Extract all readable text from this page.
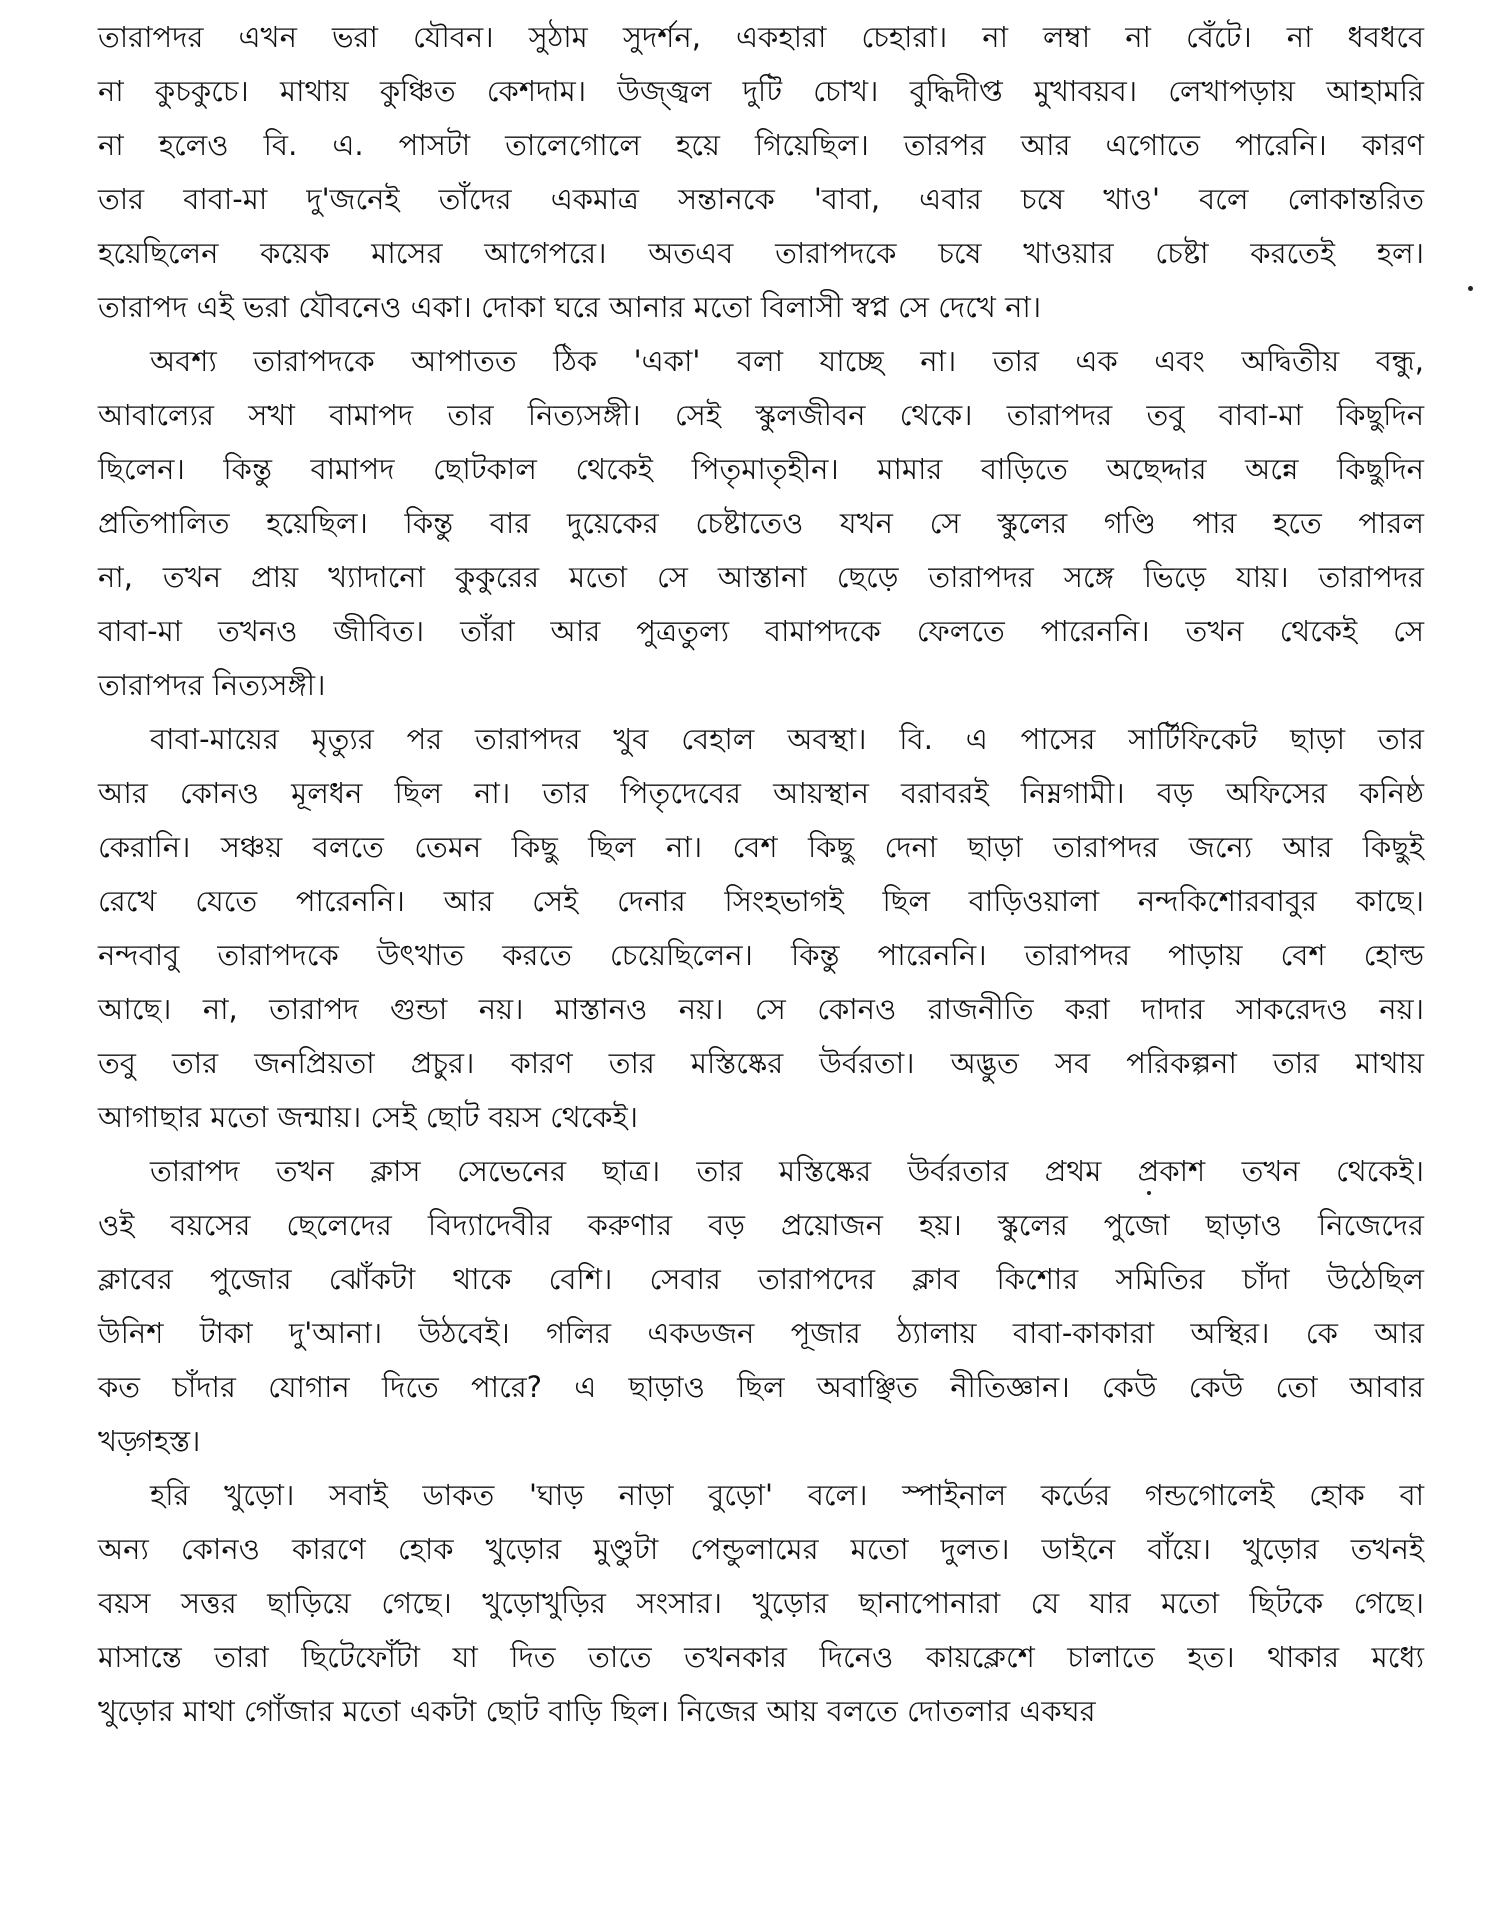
তারাপদর এখন ভরা যৌবন। সুঠাম সুদর্শন, একহারা চেহারা। না লম্বা না বেঁটে। না ধবধবে
না কুচকুচে। মাথায় কুঞ্চিত কেশদাম। উজ্জ্বল দুটি চোখ। বুদ্ধিদীপ্ত মুখাবয়ব। লেখাপড়ায় আহামরি
না হলেও বি. এ. পাসটা তালেগোলে হয়ে গিয়েছিল। তারপর আর এগোতে পারেনি। কারণ
তার বাবা-মা দু'জনেই তাঁদের একমাত্র সন্তানকে 'বাবা, এবার চষে খাও' বলে লোকান্তরিত
হয়েছিলেন কয়েক মাসের আগেপরে। অতএব তারাপদকে চষে খাওয়ার চেষ্টা করতেই হল।
তারাপদ এই ভরা যৌবনেও একা। দোকা ঘরে আনার মতো বিলাসী স্বপ্ন সে দেখে না।
অবশ্য তারাপদকে আপাতত ঠিক 'একা' বলা যাচ্ছে না। তার এক এবং অদ্বিতীয় বন্ধু,
আবাল্যের সখা বামাপদ তার নিত্যসঙ্গী। সেই স্কুলজীবন থেকে। তারাপদর তবু বাবা-মা কিছুদিন
ছিলেন। কিন্তু বামাপদ ছোটকাল থেকেই পিতৃমাতৃহীন। মামার বাড়িতে অছেদ্দার অন্নে কিছুদিন
প্রতিপালিত হয়েছিল। কিন্তু বার দুয়েকের চেষ্টাতেও যখন সে স্কুলের গণ্ডি পার হতে পারল
না, তখন প্রায় খ্যাদানো কুকুরের মতো সে আস্তানা ছেড়ে তারাপদর সঙ্গে ভিড়ে যায়। তারাপদর
বাবা-মা তখনও জীবিত। তাঁরা আর পুত্রতুল্য বামাপদকে ফেলতে পারেননি। তখন থেকেই সে
তারাপদর নিত্যসঙ্গী।
বাবা-মায়ের মৃত্যুর পর তারাপদর খুব বেহাল অবস্থা। বি. এ পাসের সার্টিফিকেট ছাড়া তার
আর কোনও মূলধন ছিল না। তার পিতৃদেবের আয়স্থান বরাবরই নিম্নগামী। বড় অফিসের কনিষ্ঠ
কেরানি। সঞ্চয় বলতে তেমন কিছু ছিল না। বেশ কিছু দেনা ছাড়া তারাপদর জন্যে আর কিছুই
রেখে যেতে পারেননি। আর সেই দেনার সিংহভাগই ছিল বাড়িওয়ালা নন্দকিশোরবাবুর কাছে।
নন্দবাবু তারাপদকে উৎখাত করতে চেয়েছিলেন। কিন্তু পারেননি। তারাপদর পাড়ায় বেশ হোল্ড
আছে। না, তারাপদ গুন্ডা নয়। মাস্তানও নয়। সে কোনও রাজনীতি করা দাদার সাকরেদও নয়।
তবু তার জনপ্রিয়তা প্রচুর। কারণ তার মস্তিষ্কের উর্বরতা। অদ্ভুত সব পরিকল্পনা তার মাথায়
আগাছার মতো জন্মায়। সেই ছোট বয়স থেকেই।
তারাপদ তখন ক্লাস সেভেনের ছাত্র। তার মস্তিষ্কের উর্বরতার প্রথম প্রকাশ তখন থেকেই।
ওই বয়সের ছেলেদের বিদ্যাদেবীর করুণার বড় প্রয়োজন হয়। স্কুলের পুজো ছাড়াও নিজেদের
ক্লাবের পুজোর ঝোঁকটা থাকে বেশি। সেবার তারাপদের ক্লাব কিশোর সমিতির চাঁদা উঠেছিল
উনিশ টাকা দু'আনা। উঠবেই। গলির একডজন পূজার ঠ্যালায় বাবা-কাকারা অস্থির। কে আর
কত চাঁদার যোগান দিতে পারে? এ ছাড়াও ছিল অবাঞ্ছিত নীতিজ্ঞান। কেউ কেউ তো আবার
খড়্গহস্ত।
হরি খুড়ো। সবাই ডাকত 'ঘাড় নাড়া বুড়ো' বলে। স্পাইনাল কর্ডের গন্ডগোলেই হোক বা
অন্য কোনও কারণে হোক খুড়োর মুণ্ডুটা পেন্ডুলামের মতো দুলত। ডাইনে বাঁয়ে। খুড়োর তখনই
বয়স সত্তর ছাড়িয়ে গেছে। খুড়োখুড়ির সংসার। খুড়োর ছানাপোনারা যে যার মতো ছিটকে গেছে।
মাসান্তে তারা ছিটেফোঁটা যা দিত তাতে তখনকার দিনেও কায়ক্লেশে চালাতে হত। থাকার মধ্যে
খুড়োর মাথা গোঁজার মতো একটা ছোট বাড়ি ছিল। নিজের আয় বলতে দোতলার একঘর
